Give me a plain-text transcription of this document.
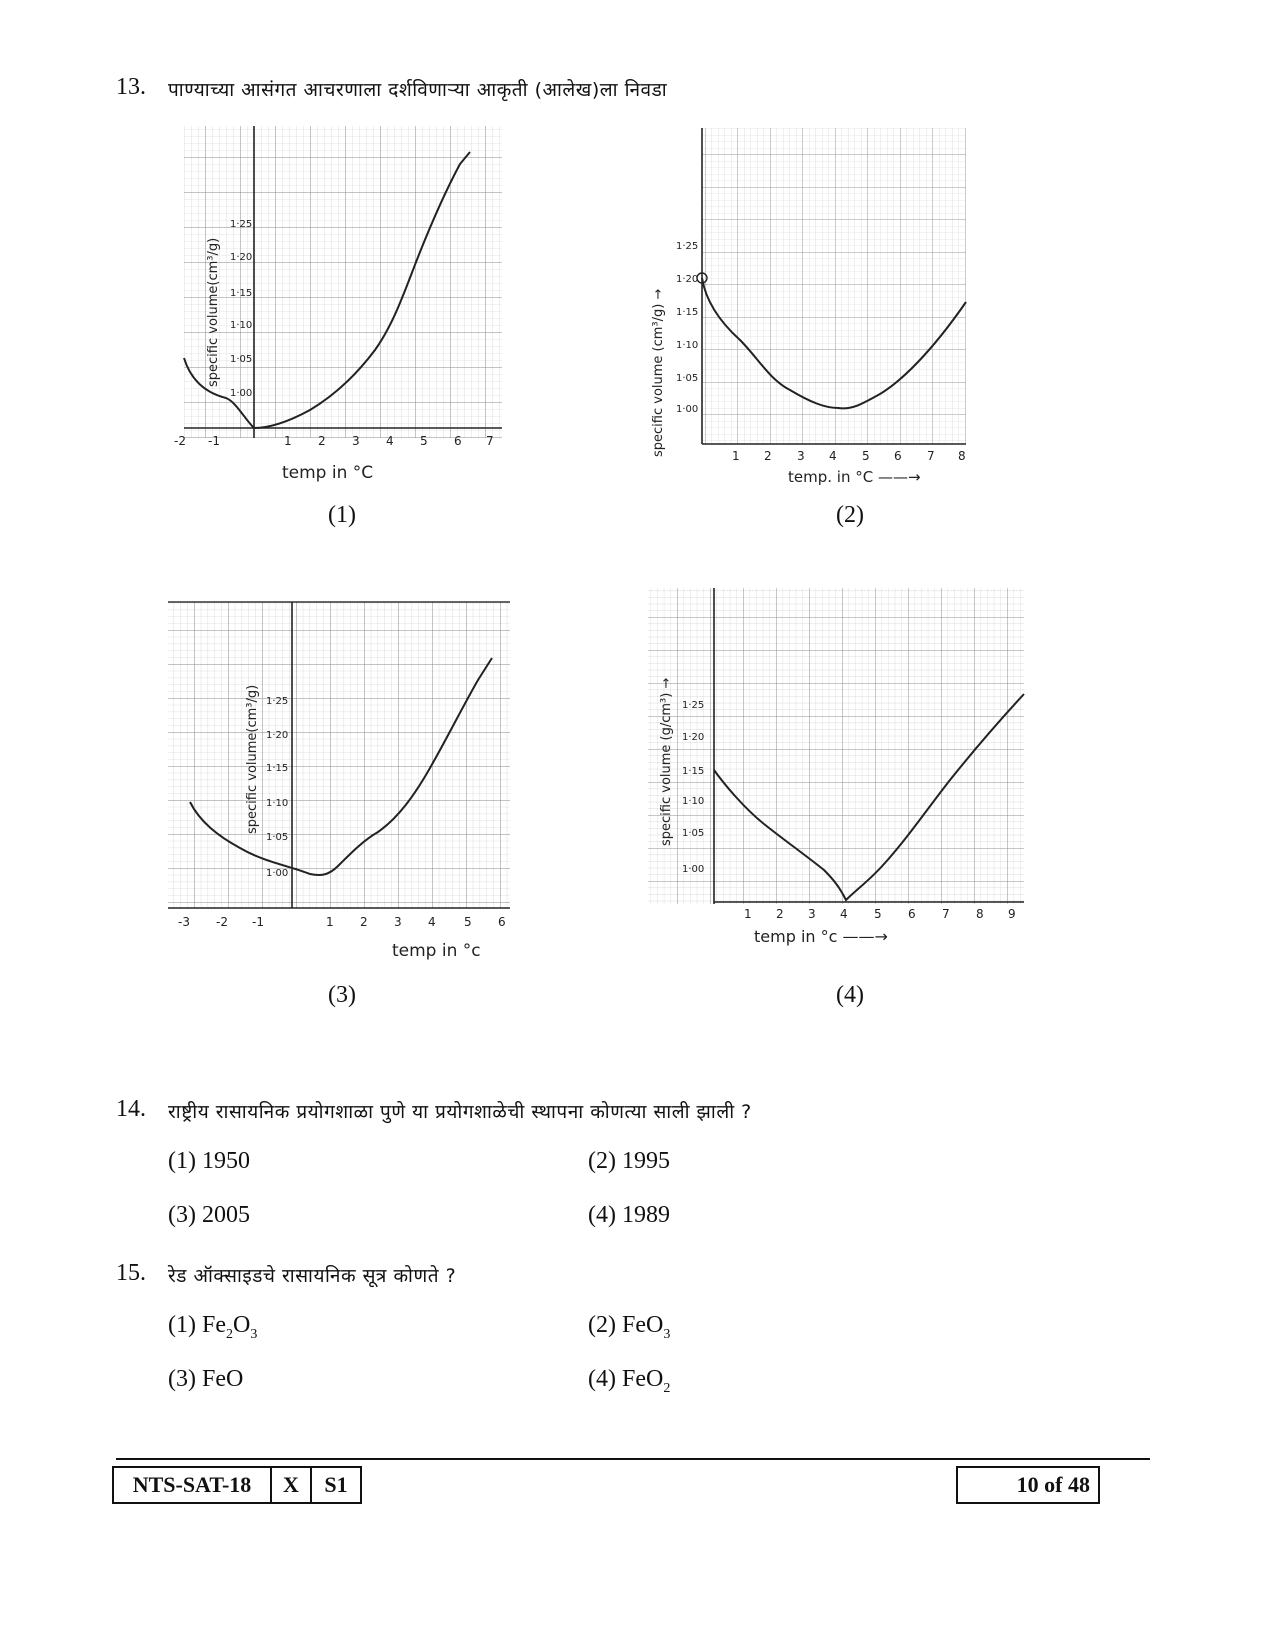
13. पाण्याच्या आसंगत आचरणाला दर्शविणाऱ्या आकृती (आलेख)ला निवडा
1·25
1·20
1·15
1·10
1·05
1·00
-2 -1	1 2 3 4 5 6 7
specific volume(cm³/g)
temp in °C
(1)
1·25
1·20
1·15
1·10
1·05
1·00
1 2 3 4 5 6 7 8
specific volume (cm³/g) →
temp. in °C ——→
(2)
1·25
1·20
1·15
1·10
1·05
1·00
-3 -2 -1	1 2 3 4 5 6
specific volume(cm³/g)
temp in °c
(3)
1·25
1·20
1·15
1·10
1·05
1·00
1 2 3 4 5 6 7 8 9
specific volume (g/cm³) →
temp in °c ——→
(4)
14. राष्ट्रीय रासायनिक प्रयोगशाळा पुणे या प्रयोगशाळेची स्थापना कोणत्या साली झाली ?
(1) 1950	(2) 1995
(3) 2005	(4) 1989
15. रेड ऑक्साइडचे रासायनिक सूत्र कोणते ?
(1) $Fe_2O_3$	(2) FeO$_3$
(3) FeO	(4) FeO$_2$
NTS-SAT-18	X	S1	10 of 48
